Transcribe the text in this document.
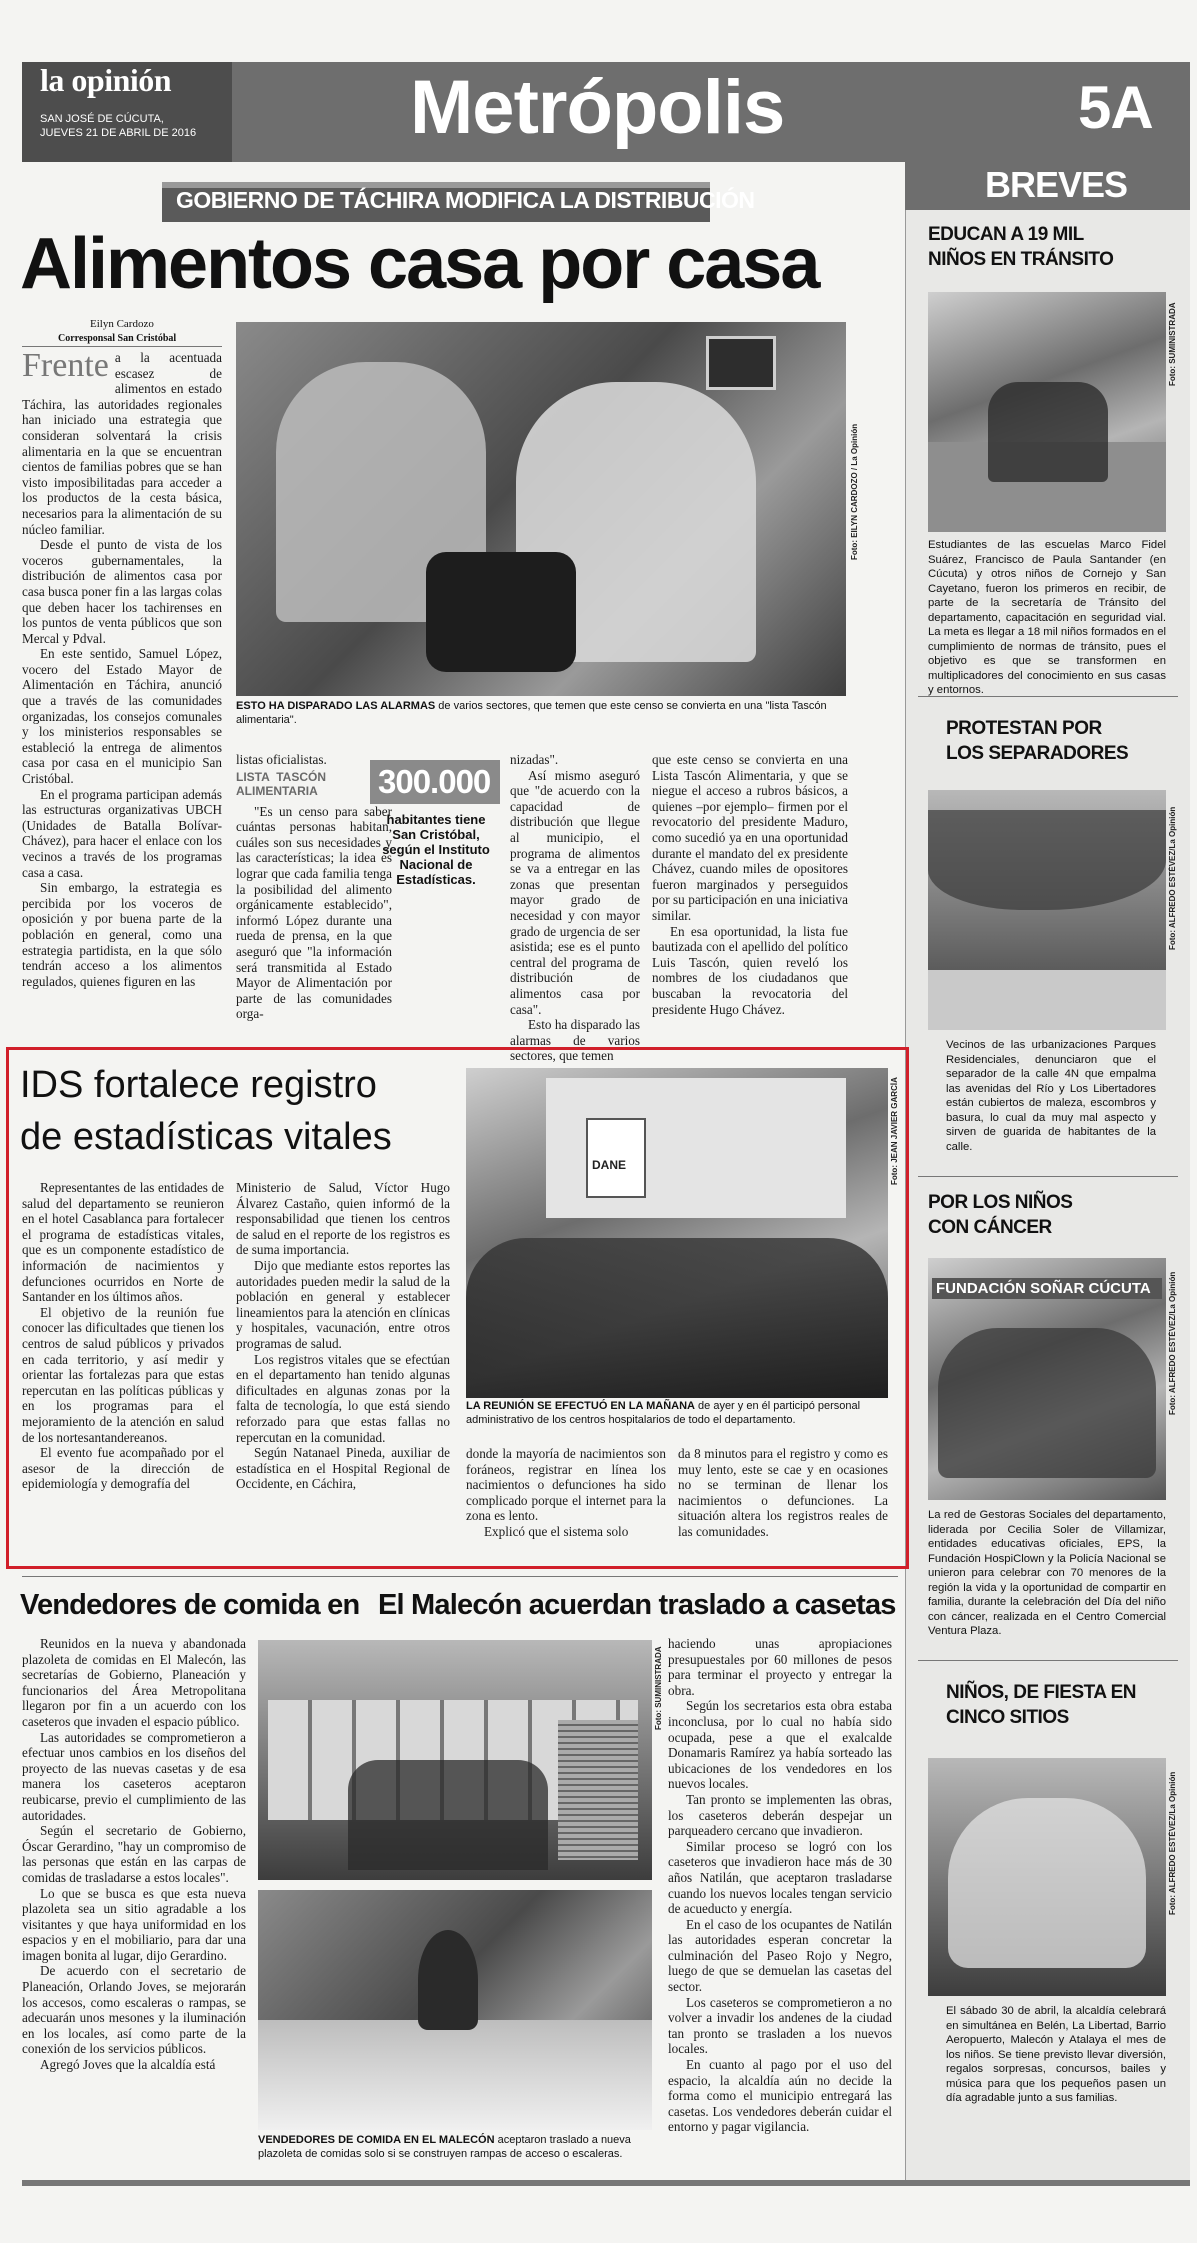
la opinión
SAN JOSÉ DE CÚCUTA,
JUEVES 21 DE ABRIL DE 2016	Metrópolis	5A
BREVES
GOBIERNO DE TÁCHIRA MODIFICA LA DISTRIBUCIÓN
Alimentos casa por casa
Eilyn Cardozo
Corresponsal San Cristóbal

Frente a la acentuada escasez de alimentos en estado Táchira, las autoridades regionales han iniciado una estrategia que consideran solventará la crisis alimentaria en la que se encuentran cientos de familias pobres que se han visto imposibilitadas para acceder a los productos de la cesta básica, necesarios para la alimentación de su núcleo familiar.

Desde el punto de vista de los voceros gubernamentales, la distribución de alimentos casa por casa busca poner fin a las largas colas que deben hacer los tachirenses en los puntos de venta públicos que son Mercal y Pdval.

En este sentido, Samuel López, vocero del Estado Mayor de Alimentación en Táchira, anunció que a través de las comunidades organizadas, los consejos comunales y los ministerios responsables se estableció la entrega de alimentos casa por casa en el municipio San Cristóbal.

En el programa participan además las estructuras organizativas UBCH (Unidades de Batalla Bolívar-Chávez), para hacer el enlace con los vecinos a través de los programas casa a casa.

Sin embargo, la estrategia es percibida por los voceros de oposición y por buena parte de la población en general, como una estrategia partidista, en la que sólo tendrán acceso a los alimentos regulados, quienes figuren en las

Foto: EILYN CARDOZO / La Opinión
ESTO HA DISPARADO LAS ALARMAS de varios sectores, que temen que este censo se convierta en una "lista Tascón alimentaria".

listas oficialistas.

LISTA TASCÓN ALIMENTARIA

"Es un censo para saber cuántas personas habitan, cuáles son sus necesidades y las características; la idea es lograr que cada familia tenga la posibilidad del alimento orgánicamente establecido", informó López durante una rueda de prensa, en la que aseguró que "la información será transmitida al Estado Mayor de Alimentación por parte de las comunidades orga-

300.000
habitantes tiene San Cristóbal, según el Instituto Nacional de Estadísticas.

nizadas".

Así mismo aseguró que "de acuerdo con la capacidad de distribución que llegue al municipio, el programa de alimentos se va a entregar en las zonas que presentan mayor grado de necesidad y con mayor grado de urgencia de ser asistida; ese es el punto central del programa de distribución de alimentos casa por casa".

Esto ha disparado las alarmas de varios sectores, que temen

que este censo se convierta en una Lista Tascón Alimentaria, y que se niegue el acceso a rubros básicos, a quienes –por ejemplo– firmen por el revocatorio del presidente Maduro, como sucedió ya en una oportunidad durante el mandato del ex presidente Chávez, cuando miles de opositores fueron marginados y perseguidos por su participación en una iniciativa similar.

En esa oportunidad, la lista fue bautizada con el apellido del político Luis Tascón, quien reveló los nombres de los ciudadanos que buscaban la revocatoria del presidente Hugo Chávez.

IDS fortalece registro
de estadísticas vitales

Representantes de las entidades de salud del departamento se reunieron en el hotel Casablanca para fortalecer el programa de estadísticas vitales, que es un componente estadístico de información de nacimientos y defunciones ocurridos en Norte de Santander en los últimos años.

El objetivo de la reunión fue conocer las dificultades que tienen los centros de salud públicos y privados en cada territorio, y así medir y orientar las fortalezas para que estas repercutan en las políticas públicas y en los programas para el mejoramiento de la atención en salud de los nortesantandereanos.

El evento fue acompañado por el asesor de la dirección de epidemiología y demografía del

Ministerio de Salud, Víctor Hugo Álvarez Castaño, quien informó de la responsabilidad que tienen los centros de salud en el reporte de los registros es de suma importancia.

Dijo que mediante estos reportes las autoridades pueden medir la salud de la población en general y establecer lineamientos para la atención en clínicas y hospitales, vacunación, entre otros programas de salud.

Los registros vitales que se efectúan en el departamento han tenido algunas dificultades en algunas zonas por la falta de tecnología, lo que está siendo reforzado para que estas fallas no repercutan en la comunidad.

Según Natanael Pineda, auxiliar de estadística en el Hospital Regional de Occidente, en Cáchira,

DANE	Foto: JEAN JAVIER GARCÍA
LA REUNIÓN SE EFECTUÓ EN LA MAÑANA de ayer y en él participó personal administrativo de los centros hospitalarios de todo el departamento.

donde la mayoría de nacimientos son foráneos, registrar en línea los nacimientos o defunciones ha sido complicado porque el internet para la zona es lento.

Explicó que el sistema solo

da 8 minutos para el registro y como es muy lento, este se cae y en ocasiones no se terminan de llenar los nacimientos o defunciones. La situación altera los registros reales de las comunidades.

Vendedores de comida en El Malecón acuerdan traslado a casetas

Reunidos en la nueva y abandonada plazoleta de comidas en El Malecón, las secretarías de Gobierno, Planeación y funcionarios del Área Metropolitana llegaron por fin a un acuerdo con los caseteros que invaden el espacio público.

Las autoridades se comprometieron a efectuar unos cambios en los diseños del proyecto de las nuevas casetas y de esa manera los caseteros aceptaron reubicarse, previo el cumplimiento de las autoridades.

Según el secretario de Gobierno, Óscar Gerardino, "hay un compromiso de las personas que están en las carpas de comidas de trasladarse a estos locales".

Lo que se busca es que esta nueva plazoleta sea un sitio agradable a los visitantes y que haya uniformidad en los espacios y en el mobiliario, para dar una imagen bonita al lugar, dijo Gerardino.

De acuerdo con el secretario de Planeación, Orlando Joves, se mejorarán los accesos, como escaleras o rampas, se adecuarán unos mesones y la iluminación en los locales, así como parte de la conexión de los servicios públicos.

Agregó Joves que la alcaldía está

Foto: SUMINISTRADA
VENDEDORES DE COMIDA EN EL MALECÓN aceptaron traslado a nueva plazoleta de comidas solo si se construyen rampas de acceso o escaleras.

haciendo unas apropiaciones presupuestales por 60 millones de pesos para terminar el proyecto y entregar la obra.

Según los secretarios esta obra estaba inconclusa, por lo cual no había sido ocupada, pese a que el exalcalde Donamaris Ramírez ya había sorteado las ubicaciones de los vendedores en los nuevos locales.

Tan pronto se implementen las obras, los caseteros deberán despejar un parqueadero cercano que invadieron.

Similar proceso se logró con los caseteros que invadieron hace más de 30 años Natilán, que aceptaron trasladarse cuando los nuevos locales tengan servicio de acueducto y energía.

En el caso de los ocupantes de Natilán las autoridades esperan concretar la culminación del Paseo Rojo y Negro, luego de que se demuelan las casetas del sector.

Los caseteros se comprometieron a no volver a invadir los andenes de la ciudad tan pronto se trasladen a los nuevos locales.

En cuanto al pago por el uso del espacio, la alcaldía aún no decide la forma como el municipio entregará las casetas. Los vendedores deberán cuidar el entorno y pagar vigilancia.

EDUCAN A 19 MIL
NIÑOS EN TRÁNSITO
Foto: SUMINISTRADA
Estudiantes de las escuelas Marco Fidel Suárez, Francisco de Paula Santander (en Cúcuta) y otros niños de Cornejo y San Cayetano, fueron los primeros en recibir, de parte de la secretaría de Tránsito del departamento, capacitación en seguridad vial. La meta es llegar a 18 mil niños formados en el cumplimiento de normas de tránsito, pues el objetivo es que se transformen en multiplicadores del conocimiento en sus casas y entornos.
PROTESTAN POR
LOS SEPARADORES
Foto: ALFREDO ESTÉVEZ/La Opinión
Vecinos de las urbanizaciones Parques Residenciales, denunciaron que el separador de la calle 4N que empalma las avenidas del Río y Los Libertadores están cubiertos de maleza, escombros y basura, lo cual da muy mal aspecto y sirven de guarida de habitantes de la calle.
POR LOS NIÑOS
CON CÁNCER
FUNDACIÓN SOÑAR CÚCUTA	Foto: ALFREDO ESTÉVEZ/La Opinión
La red de Gestoras Sociales del departamento, liderada por Cecilia Soler de Villamizar, entidades educativas oficiales, EPS, la Fundación HospiClown y la Policía Nacional se unieron para celebrar con 70 menores de la región la vida y la oportunidad de compartir en familia, durante la celebración del Día del niño con cáncer, realizada en el Centro Comercial Ventura Plaza.
NIÑOS, DE FIESTA EN
CINCO SITIOS
Foto: ALFREDO ESTÉVEZ/La Opinión
El sábado 30 de abril, la alcaldía celebrará en simultánea en Belén, La Libertad, Barrio Aeropuerto, Malecón y Atalaya el mes de los niños. Se tiene previsto llevar diversión, regalos sorpresas, concursos, bailes y música para que los pequeños pasen un día agradable junto a sus familias.
